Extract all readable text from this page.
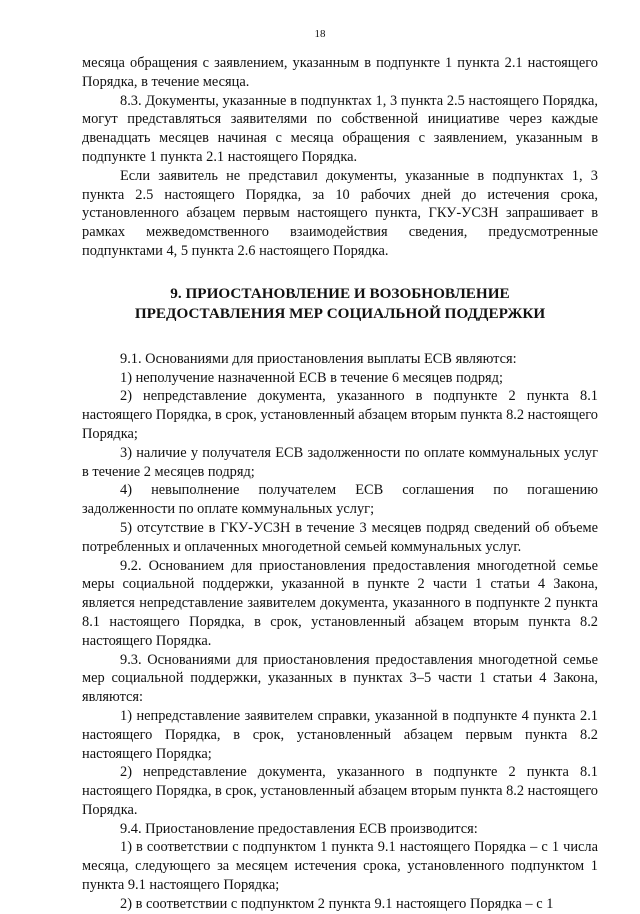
18

месяца обращения с заявлением, указанным в подпункте 1 пункта 2.1 настоящего Порядка, в течение месяца.

8.3. Документы, указанные в подпунктах 1, 3 пункта 2.5 настоящего Порядка, могут представляться заявителями по собственной инициативе через каждые двенадцать месяцев начиная с месяца обращения с заявлением, указанным в подпункте 1 пункта 2.1 настоящего Порядка.

Если заявитель не представил документы, указанные в подпунктах 1, 3 пункта 2.5 настоящего Порядка, за 10 рабочих дней до истечения срока, установленного абзацем первым настоящего пункта, ГКУ-УСЗН запрашивает в рамках межведомственного взаимодействия сведения, предусмотренные подпунктами 4, 5 пункта 2.6 настоящего Порядка.

9. ПРИОСТАНОВЛЕНИЕ И ВОЗОБНОВЛЕНИЕ
ПРЕДОСТАВЛЕНИЯ МЕР СОЦИАЛЬНОЙ ПОДДЕРЖКИ

9.1. Основаниями для приостановления выплаты ЕСВ являются:

1) неполучение назначенной ЕСВ в течение 6 месяцев подряд;

2) непредставление документа, указанного в подпункте 2 пункта 8.1 настоящего Порядка, в срок, установленный абзацем вторым пункта 8.2 настоящего Порядка;

3) наличие у получателя ЕСВ задолженности по оплате коммунальных услуг в течение 2 месяцев подряд;

4) невыполнение получателем ЕСВ соглашения по погашению задолженности по оплате коммунальных услуг;

5) отсутствие в ГКУ-УСЗН в течение 3 месяцев подряд сведений об объеме потребленных и оплаченных многодетной семьей коммунальных услуг.

9.2. Основанием для приостановления предоставления многодетной семье меры социальной поддержки, указанной в пункте 2 части 1 статьи 4 Закона, является непредставление заявителем документа, указанного в подпункте 2 пункта 8.1 настоящего Порядка, в срок, установленный абзацем вторым пункта 8.2 настоящего Порядка.

9.3. Основаниями для приостановления предоставления многодетной семье мер социальной поддержки, указанных в пунктах 3–5 части 1 статьи 4 Закона, являются:

1) непредставление заявителем справки, указанной в подпункте 4 пункта 2.1 настоящего Порядка, в срок, установленный абзацем первым пункта 8.2 настоящего Порядка;

2) непредставление документа, указанного в подпункте 2 пункта 8.1 настоящего Порядка, в срок, установленный абзацем вторым пункта 8.2 настоящего Порядка.

9.4. Приостановление предоставления ЕСВ производится:

1) в соответствии с подпунктом 1 пункта 9.1 настоящего Порядка – с 1 числа месяца, следующего за месяцем истечения срока, установленного подпунктом 1 пункта 9.1 настоящего Порядка;

2) в соответствии с подпунктом 2 пункта 9.1 настоящего Порядка – с 1
